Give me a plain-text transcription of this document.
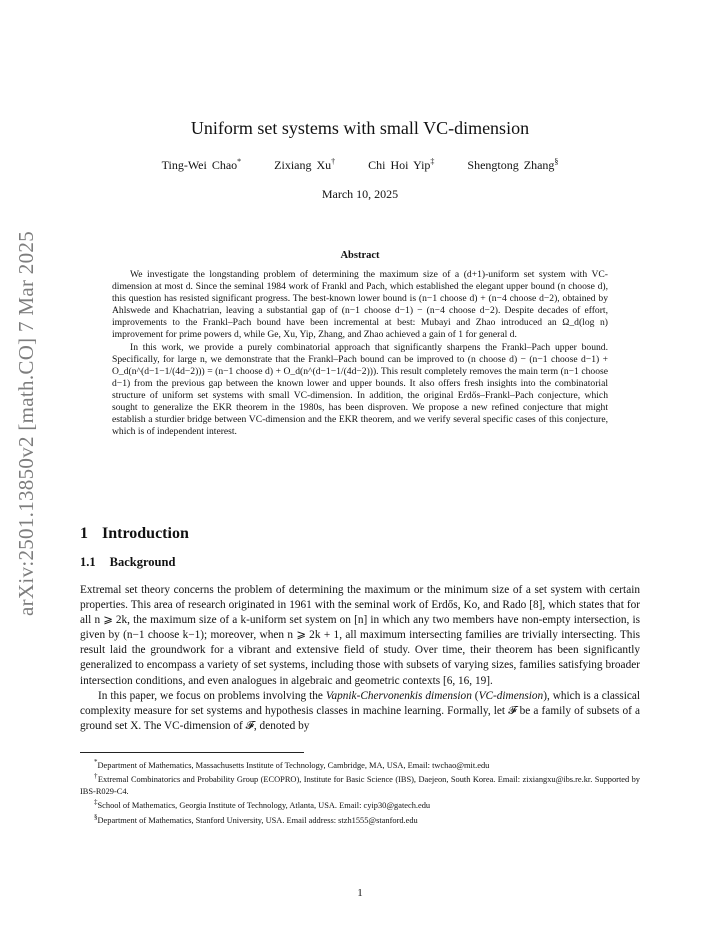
arXiv:2501.13850v2 [math.CO] 7 Mar 2025
Uniform set systems with small VC-dimension
Ting-Wei Chao*	Zixiang Xu†	Chi Hoi Yip‡	Shengtong Zhang§
March 10, 2025
Abstract

We investigate the longstanding problem of determining the maximum size of a (d+1)-uniform set system with VC-dimension at most d. Since the seminal 1984 work of Frankl and Pach, which established the elegant upper bound (n choose d), this question has resisted significant progress. The best-known lower bound is (n−1 choose d) + (n−4 choose d−2), obtained by Ahlswede and Khachatrian, leaving a substantial gap of (n−1 choose d−1) − (n−4 choose d−2). Despite decades of effort, improvements to the Frankl–Pach bound have been incremental at best: Mubayi and Zhao introduced an Ω_d(log n) improvement for prime powers d, while Ge, Xu, Yip, Zhang, and Zhao achieved a gain of 1 for general d.

In this work, we provide a purely combinatorial approach that significantly sharpens the Frankl–Pach upper bound. Specifically, for large n, we demonstrate that the Frankl–Pach bound can be improved to (n choose d) − (n−1 choose d−1) + O_d(n^(d−1−1/(4d−2))) = (n−1 choose d) + O_d(n^(d−1−1/(4d−2))). This result completely removes the main term (n−1 choose d−1) from the previous gap between the known lower and upper bounds. It also offers fresh insights into the combinatorial structure of uniform set systems with small VC-dimension. In addition, the original Erdős–Frankl–Pach conjecture, which sought to generalize the EKR theorem in the 1980s, has been disproven. We propose a new refined conjecture that might establish a sturdier bridge between VC-dimension and the EKR theorem, and we verify several specific cases of this conjecture, which is of independent interest.

1 Introduction
1.1 Background

Extremal set theory concerns the problem of determining the maximum or the minimum size of a set system with certain properties. This area of research originated in 1961 with the seminal work of Erdős, Ko, and Rado [8], which states that for all n ⩾ 2k, the maximum size of a k-uniform set system on [n] in which any two members have non-empty intersection, is given by (n−1 choose k−1); moreover, when n ⩾ 2k + 1, all maximum intersecting families are trivially intersecting. This result laid the groundwork for a vibrant and extensive field of study. Over time, their theorem has been significantly generalized to encompass a variety of set systems, including those with subsets of varying sizes, families satisfying broader intersection conditions, and even analogues in algebraic and geometric contexts [6, 16, 19].

In this paper, we focus on problems involving the Vapnik-Chervonenkis dimension (VC-dimension), which is a classical complexity measure for set systems and hypothesis classes in machine learning. Formally, let 𝓕 be a family of subsets of a ground set X. The VC-dimension of 𝓕, denoted by

*Department of Mathematics, Massachusetts Institute of Technology, Cambridge, MA, USA, Email: twchao@mit.edu

†Extremal Combinatorics and Probability Group (ECOPRO), Institute for Basic Science (IBS), Daejeon, South Korea. Email: zixiangxu@ibs.re.kr. Supported by IBS-R029-C4.

‡School of Mathematics, Georgia Institute of Technology, Atlanta, USA. Email: cyip30@gatech.edu

§Department of Mathematics, Stanford University, USA. Email address: stzh1555@stanford.edu

1
